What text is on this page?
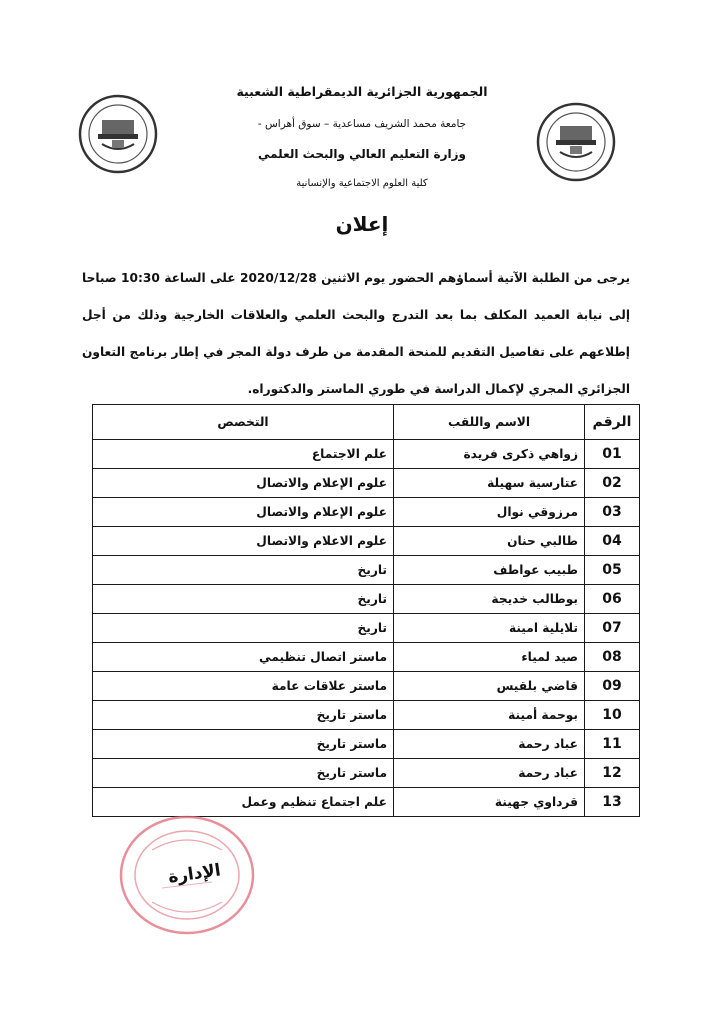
الجمهورية الجزائرية الديمقراطية الشعبية
جامعة محمد الشريف مساعدية – سوق أهراس -
وزارة التعليم العالي والبحث العلمي
كلية العلوم الاجتماعية والإنسانية
إعلان
يرجى من الطلبة الآتية أسماؤهم الحضور يوم الاثنين 2020/12/28 على الساعة 10:30 صباحا إلى نيابة العميد المكلف بما بعد التدرج والبحث العلمي والعلاقات الخارجية وذلك من أجل إطلاعهم على تفاصيل التقديم للمنحة المقدمة من طرف دولة المجر في إطار برنامج التعاون الجزائري المجري لإكمال الدراسة في طوري الماستر والدكتوراه.
الرقم	الاسم واللقب	التخصص
01	زواهي ذكرى فريدة	علم الاجتماع
02	عتارسية سهيلة	علوم الإعلام والاتصال
03	مرزوقي نوال	علوم الإعلام والاتصال
04	طالبي حنان	علوم الاعلام والاتصال
05	طبيب عواطف	تاريخ
06	بوطالب خديجة	تاريخ
07	تلايلية امينة	تاريخ
08	صيد لمياء	ماستر اتصال تنظيمي
09	قاضي بلقيس	ماستر علاقات عامة
10	بوحمة أمينة	ماستر تاريخ
11	عباد رحمة	ماستر تاريخ
12	عباد رحمة	ماستر تاريخ
13	قرداوي جهينة	علم اجتماع تنظيم وعمل
الإدارة
